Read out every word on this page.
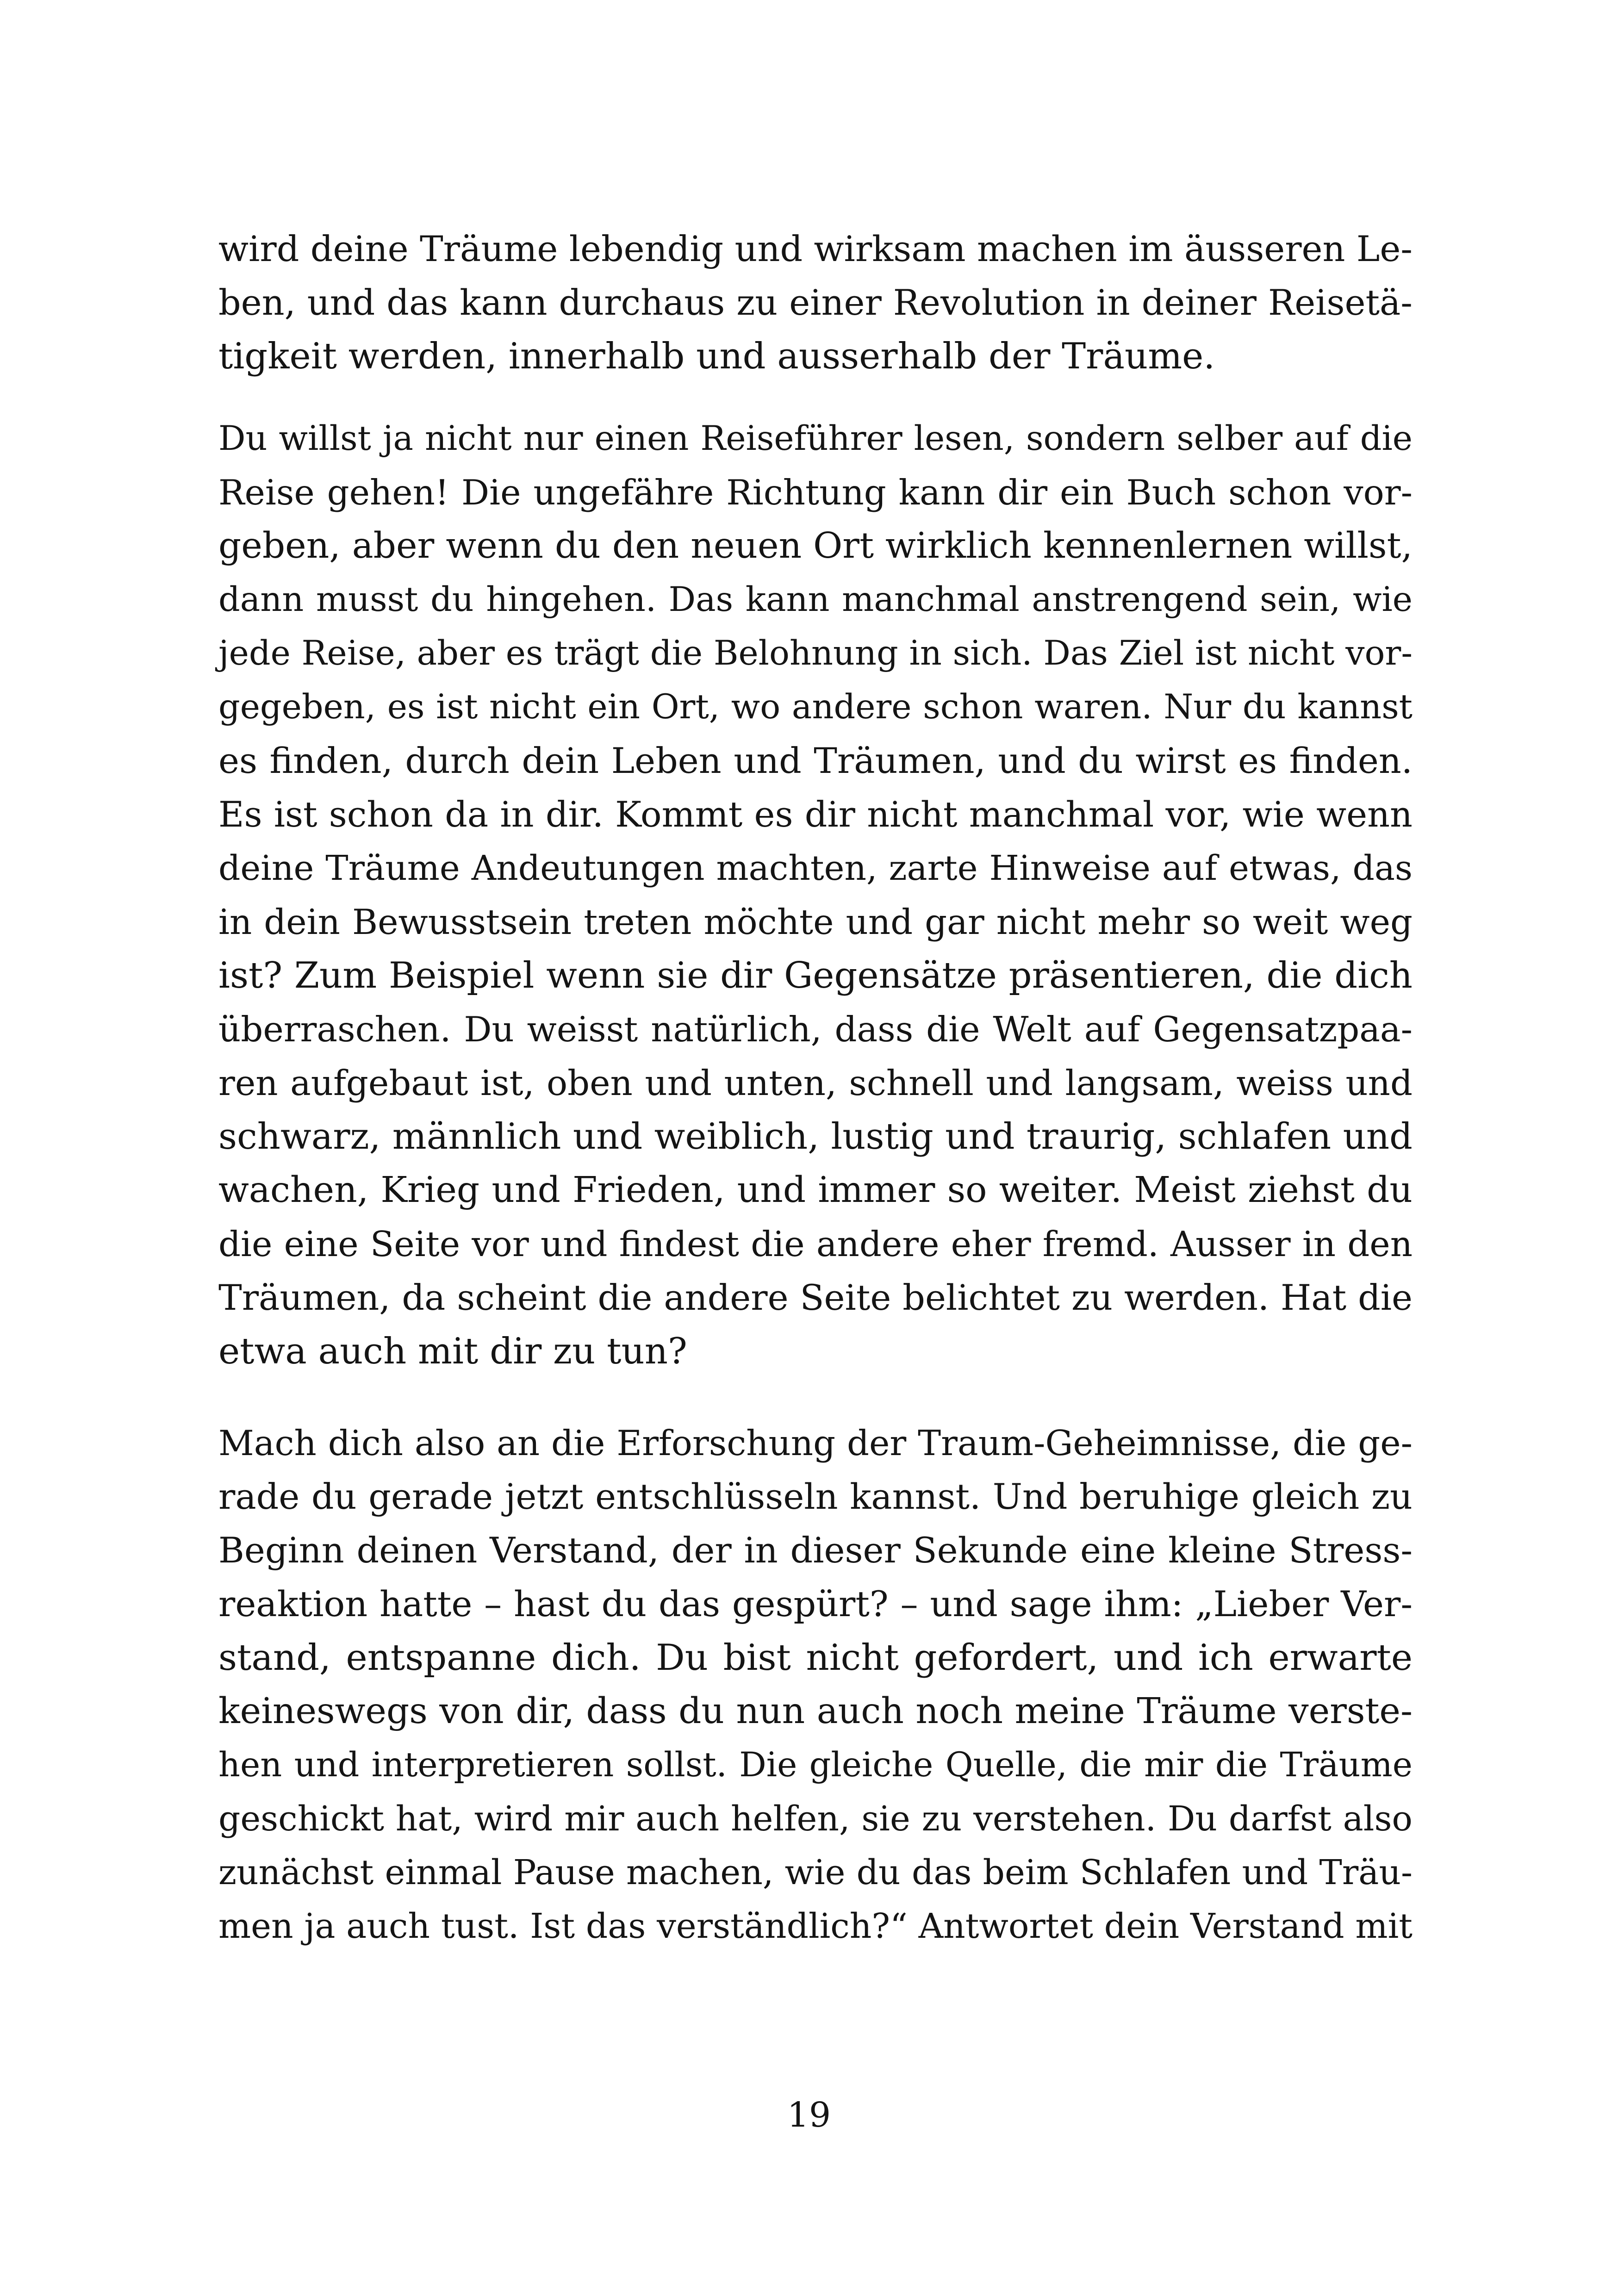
wird deine Träume lebendig und wirksam machen im äusseren Le-
ben, und das kann durchaus zu einer Revolution in deiner Reisetä-
tigkeit werden, innerhalb und ausserhalb der Träume.
Du willst ja nicht nur einen Reiseführer lesen, sondern selber auf die
Reise gehen! Die ungefähre Richtung kann dir ein Buch schon vor-
geben, aber wenn du den neuen Ort wirklich kennenlernen willst,
dann musst du hingehen. Das kann manchmal anstrengend sein, wie
jede Reise, aber es trägt die Belohnung in sich. Das Ziel ist nicht vor-
gegeben, es ist nicht ein Ort, wo andere schon waren. Nur du kannst
es finden, durch dein Leben und Träumen, und du wirst es finden.
Es ist schon da in dir. Kommt es dir nicht manchmal vor, wie wenn
deine Träume Andeutungen machten, zarte Hinweise auf etwas, das
in dein Bewusstsein treten möchte und gar nicht mehr so weit weg
ist? Zum Beispiel wenn sie dir Gegensätze präsentieren, die dich
überraschen. Du weisst natürlich, dass die Welt auf Gegensatzpaa-
ren aufgebaut ist, oben und unten, schnell und langsam, weiss und
schwarz, männlich und weiblich, lustig und traurig, schlafen und
wachen, Krieg und Frieden, und immer so weiter. Meist ziehst du
die eine Seite vor und findest die andere eher fremd. Ausser in den
Träumen, da scheint die andere Seite belichtet zu werden. Hat die
etwa auch mit dir zu tun?
Mach dich also an die Erforschung der Traum-Geheimnisse, die ge-
rade du gerade jetzt entschlüsseln kannst. Und beruhige gleich zu
Beginn deinen Verstand, der in dieser Sekunde eine kleine Stress-
reaktion hatte – hast du das gespürt? – und sage ihm: „Lieber Ver-
stand, entspanne dich. Du bist nicht gefordert, und ich erwarte
keineswegs von dir, dass du nun auch noch meine Träume verste-
hen und interpretieren sollst. Die gleiche Quelle, die mir die Träume
geschickt hat, wird mir auch helfen, sie zu verstehen. Du darfst also
zunächst einmal Pause machen, wie du das beim Schlafen und Träu-
men ja auch tust. Ist das verständlich?“ Antwortet dein Verstand mit
19
